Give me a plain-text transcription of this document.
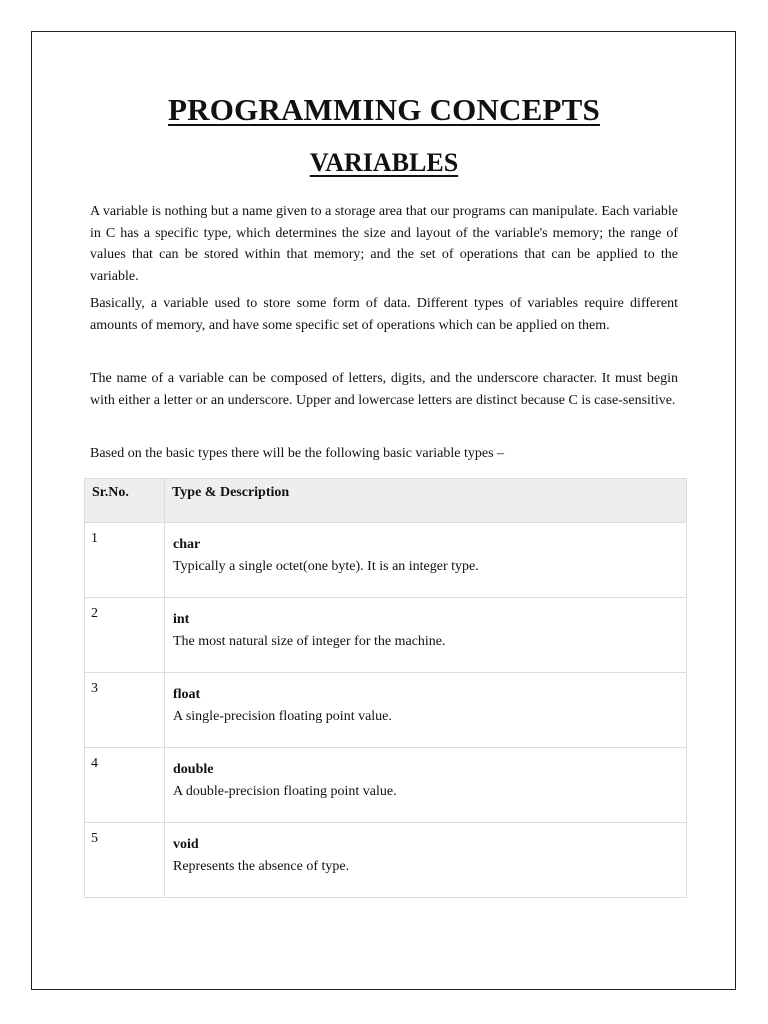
PROGRAMMING CONCEPTS
VARIABLES

A variable is nothing but a name given to a storage area that our programs can manipulate. Each variable in C has a specific type, which determines the size and layout of the variable's memory; the range of values that can be stored within that memory; and the set of operations that can be applied to the variable.

Basically, a variable used to store some form of data. Different types of variables require different amounts of memory, and have some specific set of operations which can be applied on them.

The name of a variable can be composed of letters, digits, and the underscore character. It must begin with either a letter or an underscore. Upper and lowercase letters are distinct because C is case-sensitive.

Based on the basic types there will be the following basic variable types –

Sr.No.	Type & Description
1	char
Typically a single octet(one byte). It is an integer type.

2	int
The most natural size of integer for the machine.

3	float
A single-precision floating point value.

4	double
A double-precision floating point value.

5	void
Represents the absence of type.
